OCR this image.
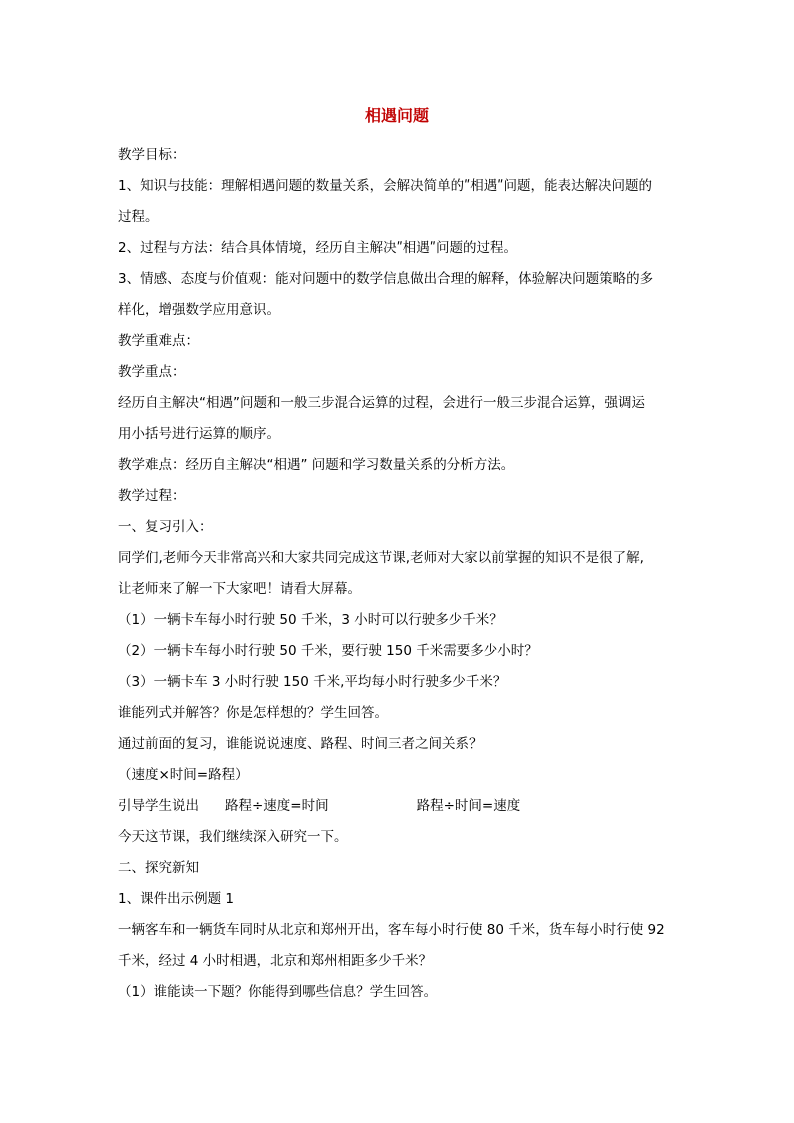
相遇问题
教学目标：
1、知识与技能：理解相遇问题的数量关系，会解决简单的ʺ相遇ʺ问题，能表达解决问题的
过程。
2、过程与方法：结合具体情境，经历自主解决ʺ相遇ʺ问题的过程。
3、情感、态度与价值观：能对问题中的数学信息做出合理的解释，体验解决问题策略的多
样化，增强数学应用意识。
教学重难点：
教学重点：
经历自主解决“相遇”问题和一般三步混合运算的过程，会进行一般三步混合运算，强调运
用小括号进行运算的顺序。
教学难点：经历自主解决“相遇” 问题和学习数量关系的分析方法。
教学过程：
一、复习引入：
同学们,老师今天非常高兴和大家共同完成这节课,老师对大家以前掌握的知识不是很了解,
让老师来了解一下大家吧！请看大屏幕。
（1）一辆卡车每小时行驶 50 千米，3 小时可以行驶多少千米？
（2）一辆卡车每小时行驶 50 千米，要行驶 150 千米需要多少小时？
（3）一辆卡车 3 小时行驶 150 千米,平均每小时行驶多少千米？
谁能列式并解答？你是怎样想的？学生回答。
通过前面的复习，谁能说说速度、路程、时间三者之间关系？
（速度×时间=路程）
引导学生说出 路程÷速度=时间	路程÷时间=速度
今天这节课，我们继续深入研究一下。
二、探究新知
1、课件出示例题 1
一辆客车和一辆货车同时从北京和郑州开出，客车每小时行使 80 千米，货车每小时行使 92
千米，经过 4 小时相遇，北京和郑州相距多少千米？
（1）谁能读一下题？你能得到哪些信息？学生回答。
